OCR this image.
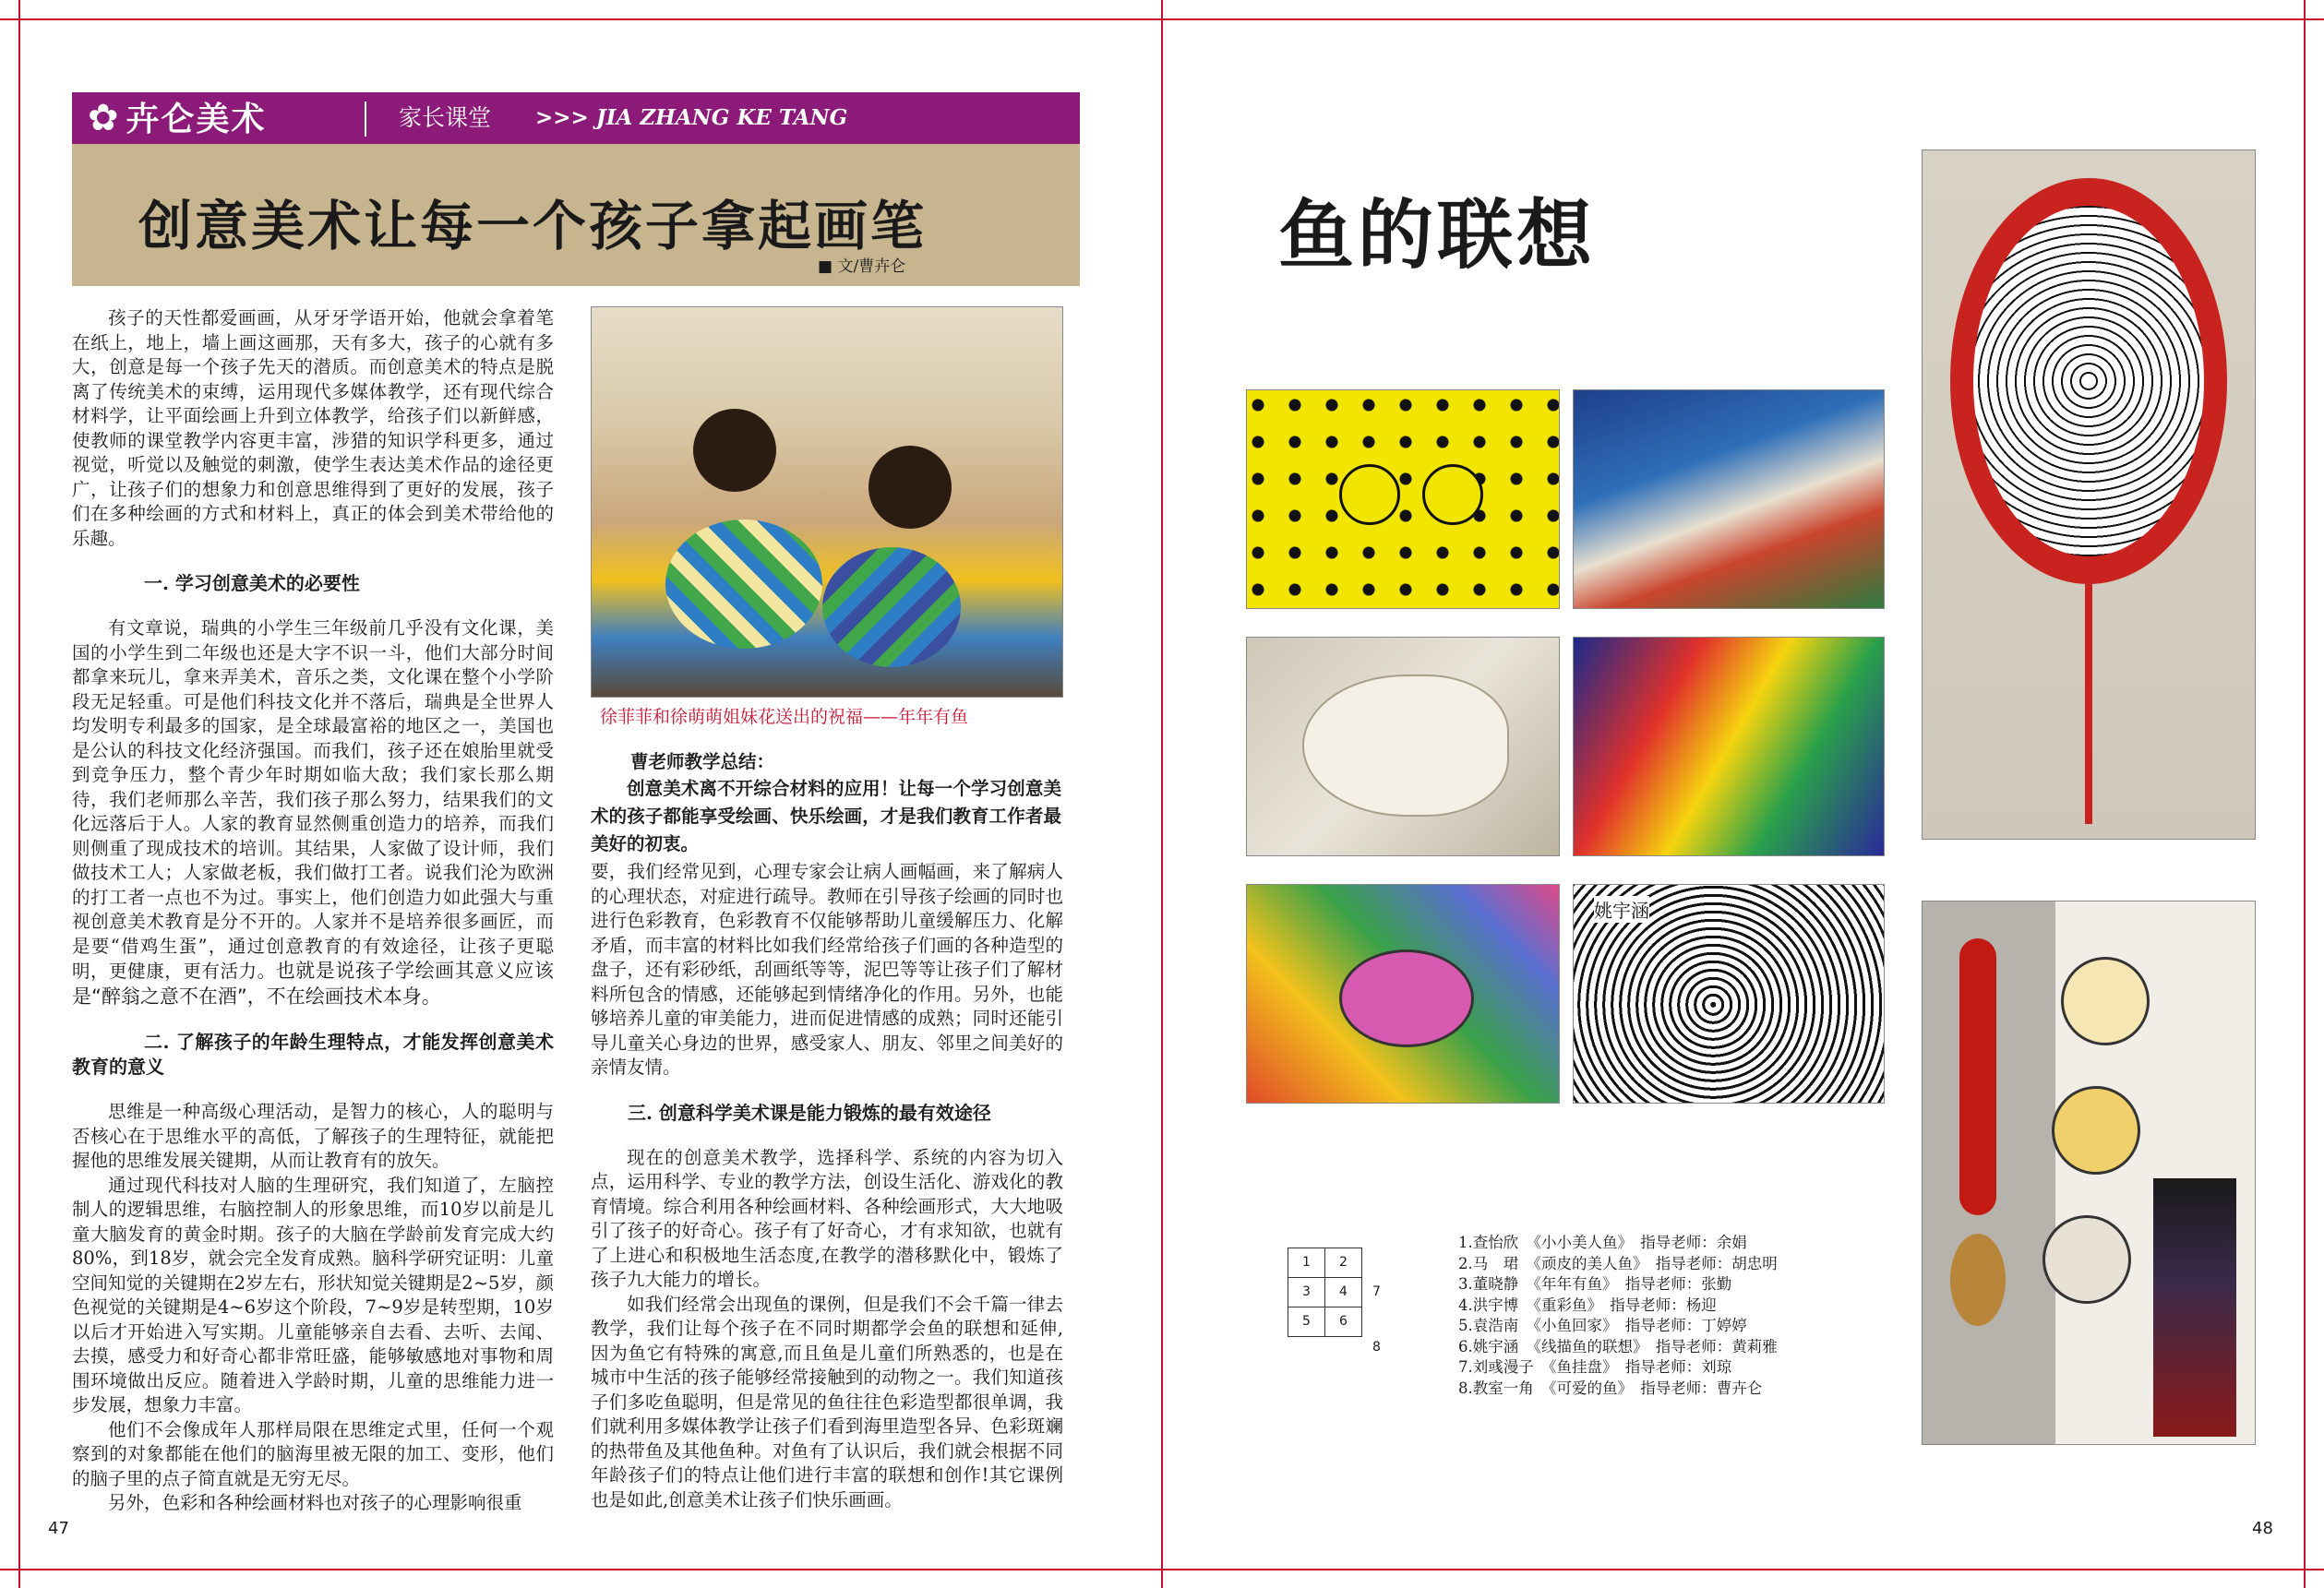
✿ 卉仑美术	家长课堂 >>> JIA ZHANG KE TANG
创意美术让每一个孩子拿起画笔
■ 文/曹卉仑

孩子的天性都爱画画，从牙牙学语开始，他就会拿着笔在纸上，地上，墙上画这画那，天有多大，孩子的心就有多大，创意是每一个孩子先天的潜质。而创意美术的特点是脱离了传统美术的束缚，运用现代多媒体教学，还有现代综合材料学，让平面绘画上升到立体教学，给孩子们以新鲜感，使教师的课堂教学内容更丰富，涉猎的知识学科更多，通过视觉，听觉以及触觉的刺激，使学生表达美术作品的途径更广，让孩子们的想象力和创意思维得到了更好的发展，孩子们在多种绘画的方式和材料上，真正的体会到美术带给他的乐趣。

一. 学习创意美术的必要性

有文章说，瑞典的小学生三年级前几乎没有文化课，美国的小学生到二年级也还是大字不识一斗，他们大部分时间都拿来玩儿，拿来弄美术，音乐之类，文化课在整个小学阶段无足轻重。可是他们科技文化并不落后，瑞典是全世界人均发明专利最多的国家，是全球最富裕的地区之一，美国也是公认的科技文化经济强国。而我们，孩子还在娘胎里就受到竞争压力，整个青少年时期如临大敌；我们家长那么期待，我们老师那么辛苦，我们孩子那么努力，结果我们的文化远落后于人。人家的教育显然侧重创造力的培养，而我们则侧重了现成技术的培训。其结果，人家做了设计师，我们做技术工人；人家做老板，我们做打工者。说我们沦为欧洲的打工者一点也不为过。事实上，他们创造力如此强大与重视创意美术教育是分不开的。人家并不是培养很多画匠，而是要“借鸡生蛋”，通过创意教育的有效途径，让孩子更聪明，更健康，更有活力。也就是说孩子学绘画其意义应该是“醉翁之意不在酒”，不在绘画技术本身。

二. 了解孩子的年龄生理特点，才能发挥创意美术教育的意义

思维是一种高级心理活动，是智力的核心，人的聪明与否核心在于思维水平的高低，了解孩子的生理特征，就能把握他的思维发展关键期，从而让教育有的放矢。

通过现代科技对人脑的生理研究，我们知道了，左脑控制人的逻辑思维，右脑控制人的形象思维，而10岁以前是儿童大脑发育的黄金时期。孩子的大脑在学龄前发育完成大约80%，到18岁，就会完全发育成熟。脑科学研究证明：儿童空间知觉的关键期在2岁左右，形状知觉关键期是2~5岁，颜色视觉的关键期是4~6岁这个阶段，7~9岁是转型期，10岁以后才开始进入写实期。儿童能够亲自去看、去听、去闻、去摸，感受力和好奇心都非常旺盛，能够敏感地对事物和周围环境做出反应。随着进入学龄时期，儿童的思维能力进一步发展，想象力丰富。

他们不会像成年人那样局限在思维定式里，任何一个观察到的对象都能在他们的脑海里被无限的加工、变形，他们的脑子里的点子简直就是无穷无尽。

另外，色彩和各种绘画材料也对孩子的心理影响很重

徐菲菲和徐萌萌姐妹花送出的祝福——年年有鱼
曹老师教学总结：

创意美术离不开综合材料的应用！让每一个学习创意美术的孩子都能享受绘画、快乐绘画，才是我们教育工作者最美好的初衷。

要，我们经常见到，心理专家会让病人画幅画，来了解病人的心理状态，对症进行疏导。教师在引导孩子绘画的同时也进行色彩教育，色彩教育不仅能够帮助儿童缓解压力、化解矛盾，而丰富的材料比如我们经常给孩子们画的各种造型的盘子，还有彩砂纸，刮画纸等等，泥巴等等让孩子们了解材料所包含的情感，还能够起到情绪净化的作用。另外，也能够培养儿童的审美能力，进而促进情感的成熟；同时还能引导儿童关心身边的世界，感受家人、朋友、邻里之间美好的亲情友情。

三. 创意科学美术课是能力锻炼的最有效途径

现在的创意美术教学，选择科学、系统的内容为切入点，运用科学、专业的教学方法，创设生活化、游戏化的教育情境。综合利用各种绘画材料、各种绘画形式，大大地吸引了孩子的好奇心。孩子有了好奇心，才有求知欲，也就有了上进心和积极地生活态度,在教学的潜移默化中，锻炼了孩子九大能力的增长。

如我们经常会出现鱼的课例，但是我们不会千篇一律去教学，我们让每个孩子在不同时期都学会鱼的联想和延伸,因为鱼它有特殊的寓意,而且鱼是儿童们所熟悉的，也是在城市中生活的孩子能够经常接触到的动物之一。我们知道孩子们多吃鱼聪明，但是常见的鱼往往色彩造型都很单调，我们就利用多媒体教学让孩子们看到海里造型各异、色彩斑斓的热带鱼及其他鱼种。对鱼有了认识后，我们就会根据不同年龄孩子们的特点让他们进行丰富的联想和创作!其它课例也是如此,创意美术让孩子们快乐画画。

47
鱼的联想
姚宇涵
1	2
3	4
5	6
7
8
1.查怡欣　《小小美人鱼》　指导老师：余娟
2.马　珺　《顽皮的美人鱼》　指导老师：胡忠明
3.董晓静　《年年有鱼》　指导老师：张勤
4.洪宇博　《重彩鱼》　指导老师：杨迎
5.袁浩南　《小鱼回家》　指导老师：丁婷婷
6.姚宇涵　《线描鱼的联想》　指导老师：黄莉雅
7.刘彧漫子　《鱼挂盘》　指导老师：刘琼
8.教室一角　《可爱的鱼》　指导老师：曹卉仑
48
